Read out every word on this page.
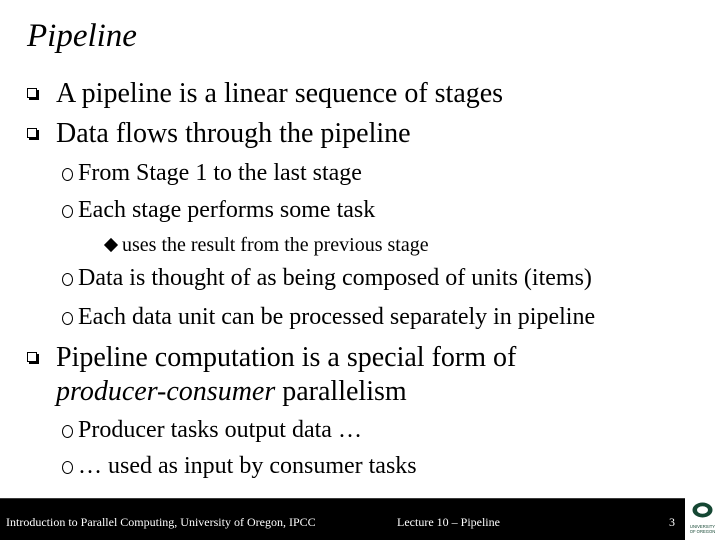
Pipeline
A pipeline is a linear sequence of stages
Data flows through the pipeline
From Stage 1 to the last stage
Each stage performs some task
uses the result from the previous stage
Data is thought of as being composed of units (items)
Each data unit can be processed separately in pipeline
Pipeline computation is a special form of
producer-consumer parallelism
Producer tasks output data …
… used as input by consumer tasks
Introduction to Parallel Computing, University of Oregon, IPCC	Lecture 10 – Pipeline	3	UNIVERSITY
OF OREGON
